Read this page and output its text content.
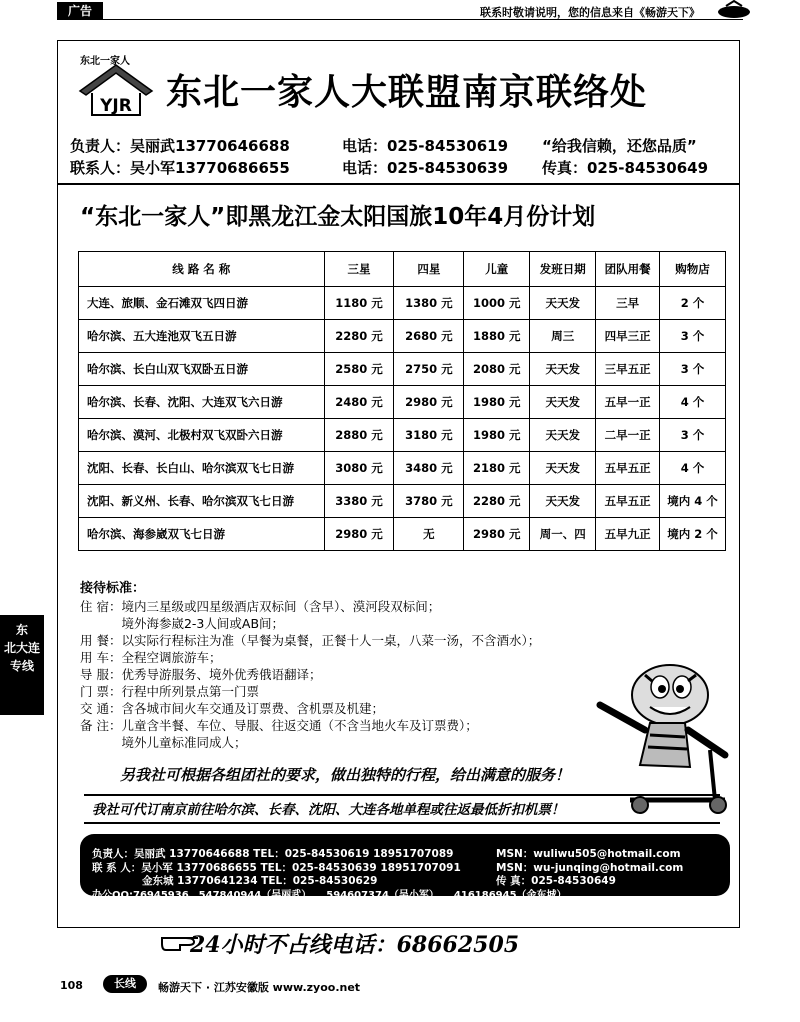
广告	联系时敬请说明，您的信息来自《畅游天下》
东北一家人
YJR 东北一家人大联盟南京联络处
负责人：吴丽武13770646688	电话：025-84530619 “给我信赖，还您品质”
联系人：吴小军13770686655	电话：025-84530639 传真：025-84530649
“东北一家人”即黑龙江金太阳国旅10年4月份计划
线 路 名 称	三星	四星	儿童	发班日期	团队用餐	购物店
大连、旅顺、金石滩双飞四日游	1180 元	1380 元	1000 元	天天发	三早	2 个
哈尔滨、五大连池双飞五日游	2280 元	2680 元	1880 元	周三	四早三正	3 个
哈尔滨、长白山双飞双卧五日游	2580 元	2750 元	2080 元	天天发	三早五正	3 个
哈尔滨、长春、沈阳、大连双飞六日游	2480 元	2980 元	1980 元	天天发	五早一正	4 个
哈尔滨、漠河、北极村双飞双卧六日游	2880 元	3180 元	1980 元	天天发	二早一正	3 个
沈阳、长春、长白山、哈尔滨双飞七日游	3080 元	3480 元	2180 元	天天发	五早五正	4 个
沈阳、新义州、长春、哈尔滨双飞七日游	3380 元	3780 元	2280 元	天天发	五早五正	境内 4 个
哈尔滨、海参崴双飞七日游	2980 元	无	2980 元	周一、四	五早九正	境内 2 个
接待标准：
住 宿：境内三星级或四星级酒店双标间（含早）、漠河段双标间；
　　　 境外海参崴2-3人间或AB间；
用 餐：以实际行程标注为准（早餐为桌餐，正餐十人一桌，八菜一汤，不含酒水）；
用 车：全程空调旅游车；
导 服：优秀导游服务、境外优秀俄语翻译；
门 票：行程中所列景点第一门票
交 通：含各城市间火车交通及订票费、含机票及机建；
备 注：儿童含半餐、车位、导服、往返交通（不含当地火车及订票费）；
　　　 境外儿童标准同成人；
东
北大连
专线
另我社可根据各组团社的要求，做出独特的行程，给出满意的服务！
我社可代订南京前往哈尔滨、长春、沈阳、大连各地单程或往返最低折扣机票！
负责人：吴丽武 13770646688 TEL：025-84530619 18951707089	MSN：wuliwu505@hotmail.com
联 系 人：吴小军 13770686655 TEL：025-84530639 18951707091	MSN：wu-junqing@hotmail.com
金东城 13770641234 TEL：025-84530629	传 真：025-84530649
办公QQ:76945936、547840944（吴丽武）　　594607374（吴小军）　　416186945（金东城）
24小时不占线电话：68662505
108	长线	畅游天下 · 江苏安徽版 www.zyoo.net
